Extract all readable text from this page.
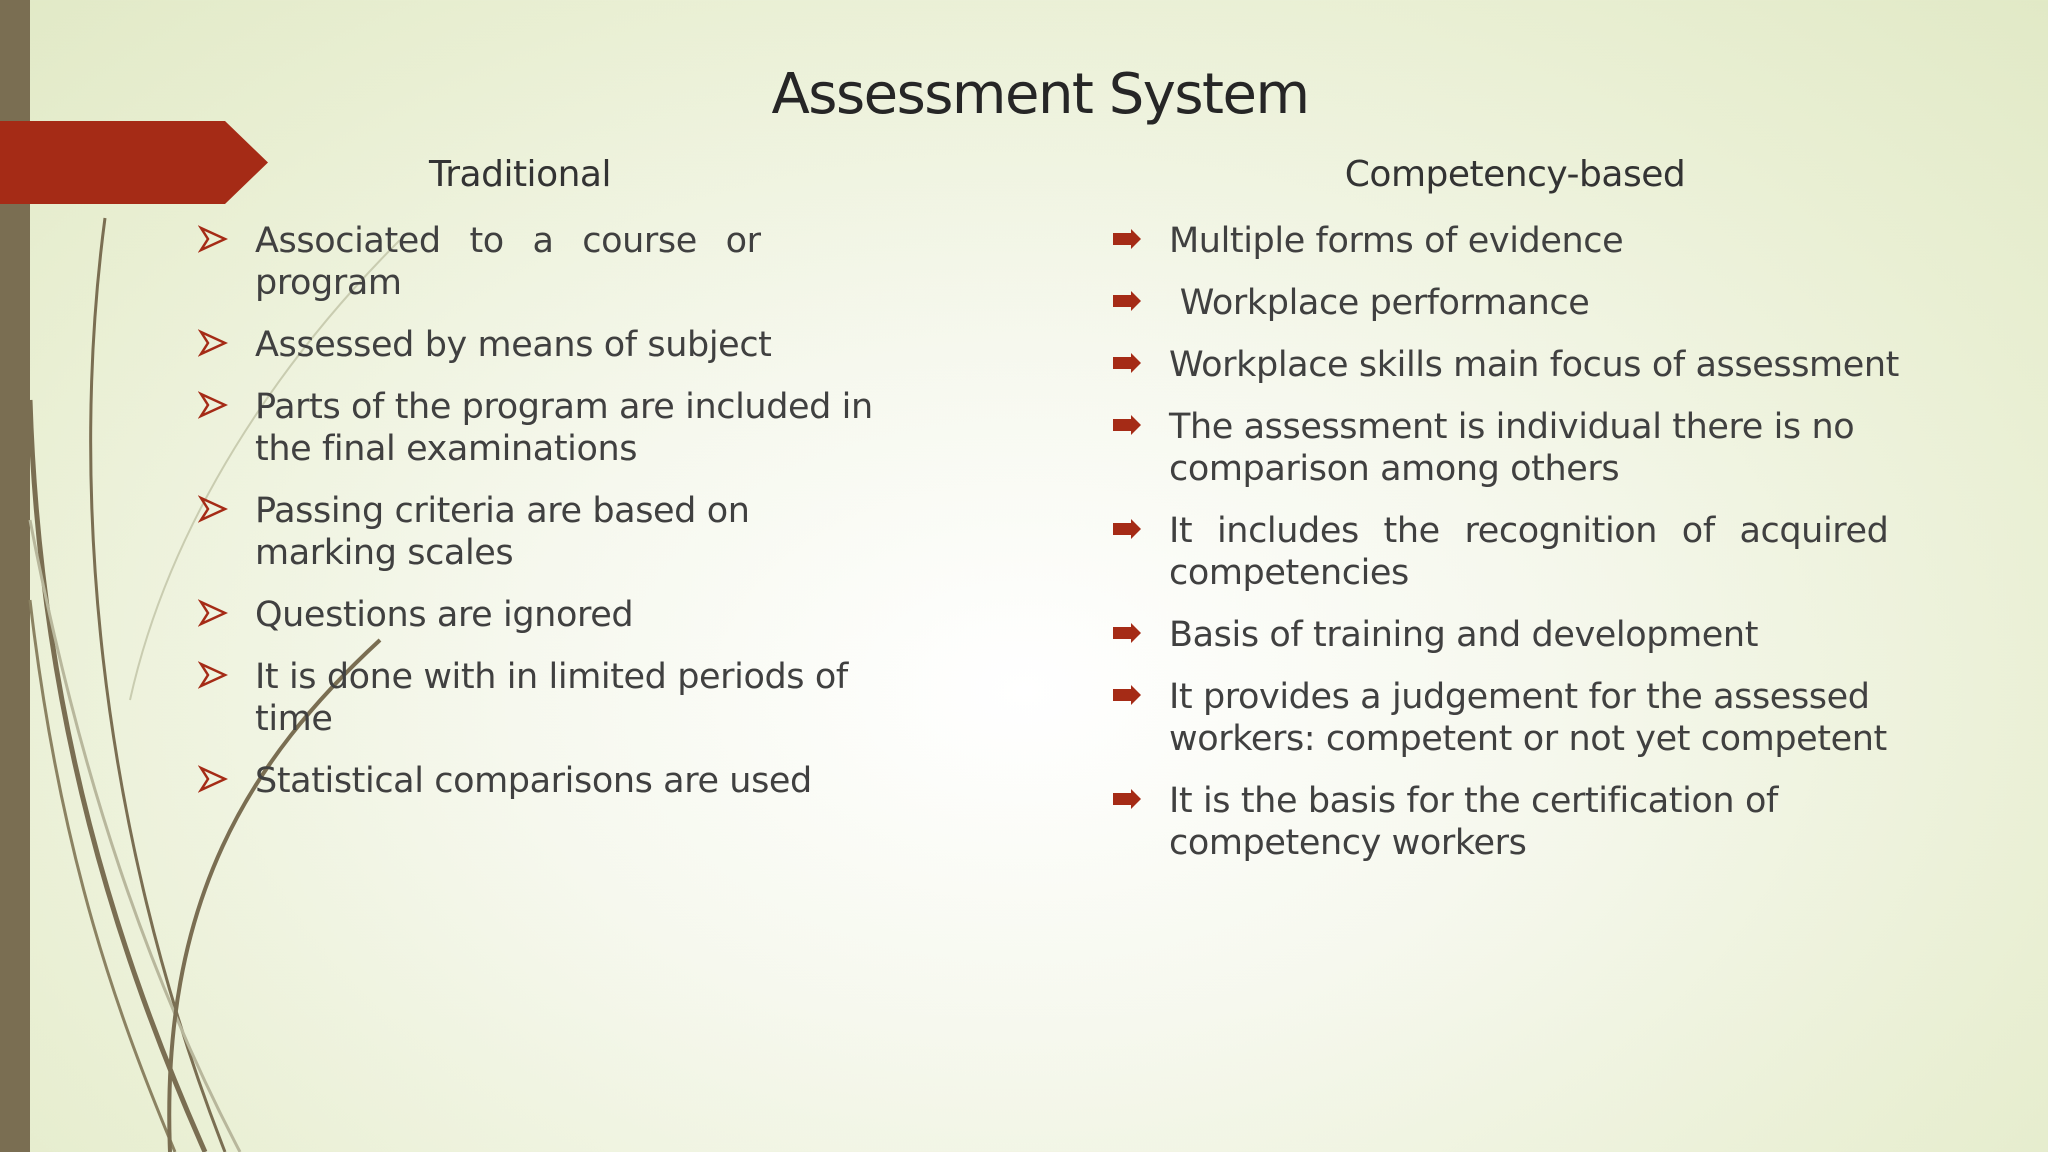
Assessment System
Traditional	Competency-based
Associated to a course or program
Assessed by means of subject
Parts of the program are included in the final examinations
Passing criteria are based on marking scales
Questions are ignored
It is done with in limited periods of time
Statistical comparisons are used
Multiple forms of evidence
Workplace performance
Workplace skills main focus of assessment
The assessment is individual there is no comparison among others
It includes the recognition of acquired competencies
Basis of training and development
It provides a judgement for the assessed workers: competent or not yet competent
It is the basis for the certification of competency workers
